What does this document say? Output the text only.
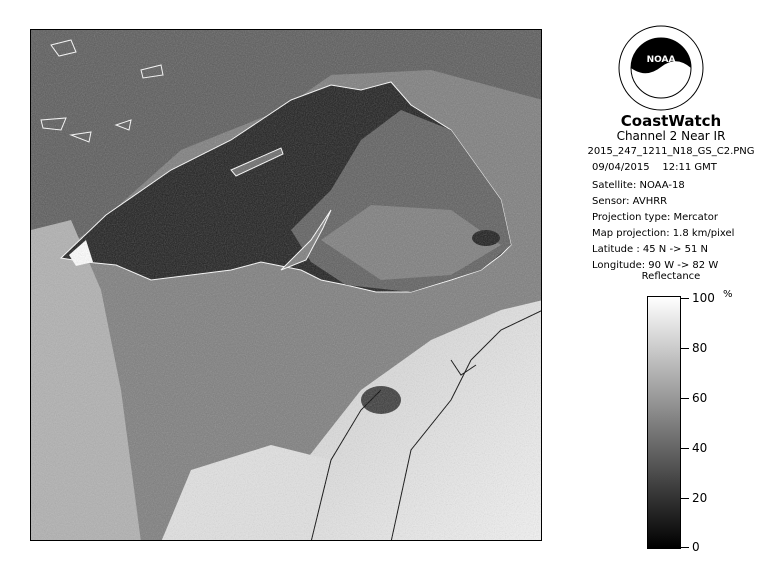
NOAA
CoastWatch
Channel 2 Near IR
2015_247_1211_N18_GS_C2.PNG
09/04/2015 12:11 GMT
Satellite: NOAA-18
Sensor: AVHRR
Projection type: Mercator
Map projection: 1.8 km/pixel
Latitude : 45 N -> 51 N
Longitude: 90 W -> 82 W
Reflectance
%
100
80
60
40
20
0
